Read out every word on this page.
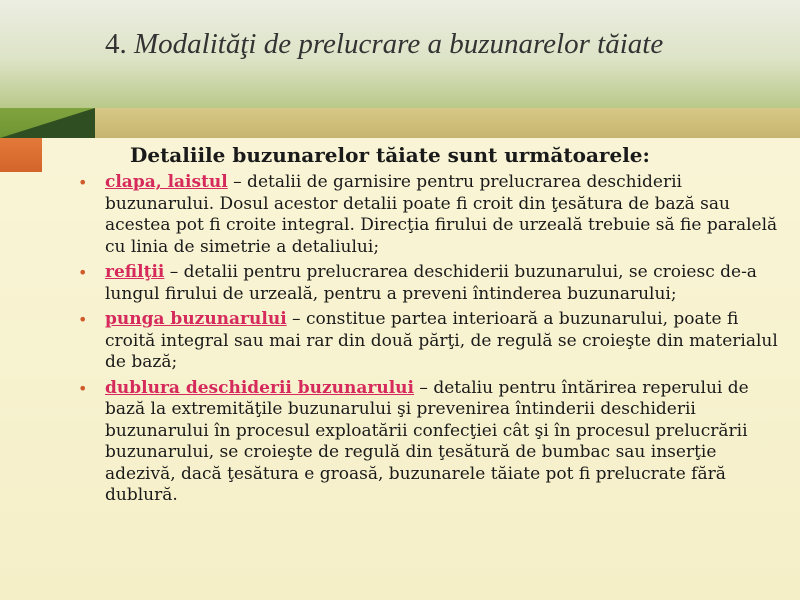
4. Modalităţi de prelucrare a buzunarelor tăiate

Detaliile buzunarelor tăiate sunt următoarele:

• clapa, laistul – detalii de garnisire pentru prelucrarea deschiderii buzunarului. Dosul acestor detalii poate fi croit din ţesătura de bază sau acestea pot fi croite integral. Direcţia firului de urzeală trebuie să fie paralelă cu linia de simetrie a detaliului;
• refilţii – detalii pentru prelucrarea deschiderii buzunarului, se croiesc de-a lungul firului de urzeală, pentru a preveni întinderea buzunarului;
• punga buzunarului – constitue partea interioară a buzunarului, poate fi croită integral sau mai rar din două părţi, de regulă se croieşte din materialul de bază;
• dublura deschiderii buzunarului – detaliu pentru întărirea reperului de bază la extremităţile buzunarului şi prevenirea întinderii deschiderii buzunarului în procesul exploatării confecţiei cât şi în procesul prelucrării buzunarului, se croieşte de regulă din ţesătură de bumbac sau inserţie adezivă, dacă ţesătura e groasă, buzunarele tăiate pot fi prelucrate fără dublură.
